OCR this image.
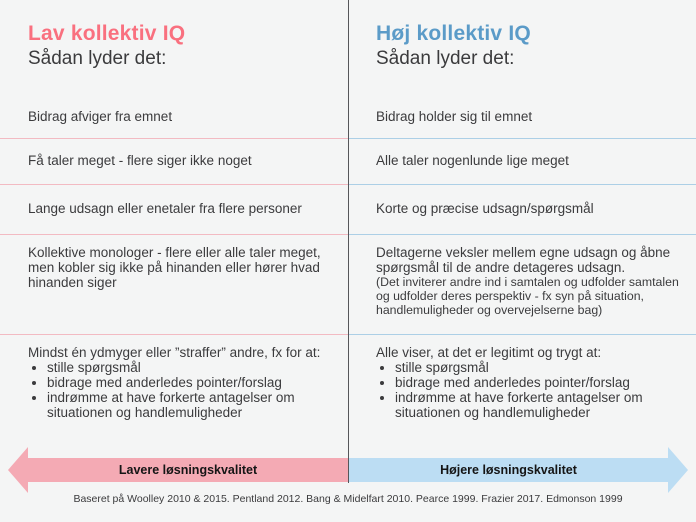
Lav kollektiv IQ
Sådan lyder det:
Høj kollektiv IQ
Sådan lyder det:
Bidrag afviger fra emnet
Få taler meget - flere siger ikke noget
Lange udsagn eller enetaler fra flere personer
Kollektive monologer - flere eller alle taler meget, men kobler sig ikke på hinanden eller hører hvad hinanden siger

Mindst én ydmyger eller ”straffer” andre, fx for at:

• stille spørgsmål
• bidrage med anderledes pointer/forslag
• indrømme at have forkerte antagelser om situationen og handlemuligheder
Bidrag holder sig til emnet
Alle taler nogenlunde lige meget
Korte og præcise udsagn/spørgsmål

Deltagerne veksler mellem egne udsagn og åbne spørgsmål til de andre detageres udsagn.

(Det inviterer andre ind i samtalen og udfolder samtalen og udfolder deres perspektiv - fx syn på situation, handlemuligheder og overvejelserne bag)

Alle viser, at det er legitimt og trygt at:

• stille spørgsmål
• bidrage med anderledes pointer/forslag
• indrømme at have forkerte antagelser om situationen og handlemuligheder
Lavere løsningskvalitet	Højere løsningskvalitet
Baseret på Woolley 2010 & 2015. Pentland 2012. Bang & Midelfart 2010. Pearce 1999. Frazier 2017. Edmonson 1999
